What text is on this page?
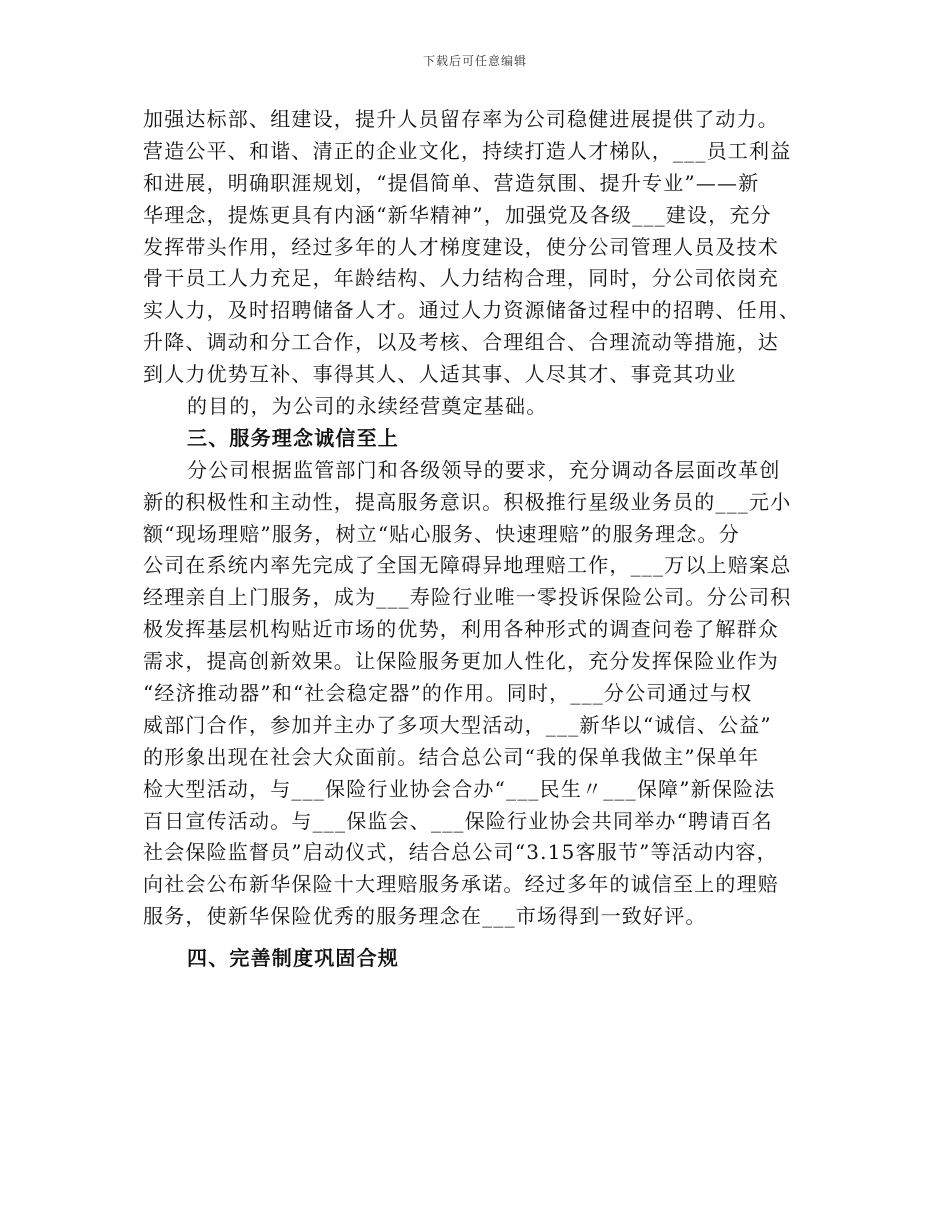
下载后可任意编辑
加强达标部、组建设，提升人员留存率为公司稳健进展提供了动力。
营造公平、和谐、清正的企业文化，持续打造人才梯队，___员工利益
和进展，明确职涯规划，“提倡简单、营造氛围、提升专业”——新
华理念，提炼更具有内涵“新华精神”，加强党及各级___建设，充分
发挥带头作用，经过多年的人才梯度建设，使分公司管理人员及技术
骨干员工人力充足，年龄结构、人力结构合理，同时，分公司依岗充
实人力，及时招聘储备人才。通过人力资源储备过程中的招聘、任用、
升降、调动和分工合作，以及考核、合理组合、合理流动等措施，达
到人力优势互补、事得其人、人适其事、人尽其才、事竞其功业
的目的，为公司的永续经营奠定基础。
三、服务理念诚信至上
分公司根据监管部门和各级领导的要求，充分调动各层面改革创
新的积极性和主动性，提高服务意识。积极推行星级业务员的___元小
额“现场理赔”服务，树立“贴心服务、快速理赔”的服务理念。分
公司在系统内率先完成了全国无障碍异地理赔工作，___万以上赔案总
经理亲自上门服务，成为___寿险行业唯一零投诉保险公司。分公司积
极发挥基层机构贴近市场的优势，利用各种形式的调查问卷了解群众
需求，提高创新效果。让保险服务更加人性化，充分发挥保险业作为
“经济推动器”和“社会稳定器”的作用。同时，___分公司通过与权
威部门合作，参加并主办了多项大型活动，___新华以“诚信、公益”
的形象出现在社会大众面前。结合总公司“我的保单我做主”保单年
检大型活动，与___保险行业协会合办“___民生〃___保障”新保险法
百日宣传活动。与___保监会、___保险行业协会共同举办“聘请百名
社会保险监督员”启动仪式，结合总公司“3.15客服节”等活动内容，
向社会公布新华保险十大理赔服务承诺。经过多年的诚信至上的理赔
服务，使新华保险优秀的服务理念在___市场得到一致好评。
四、完善制度巩固合规
